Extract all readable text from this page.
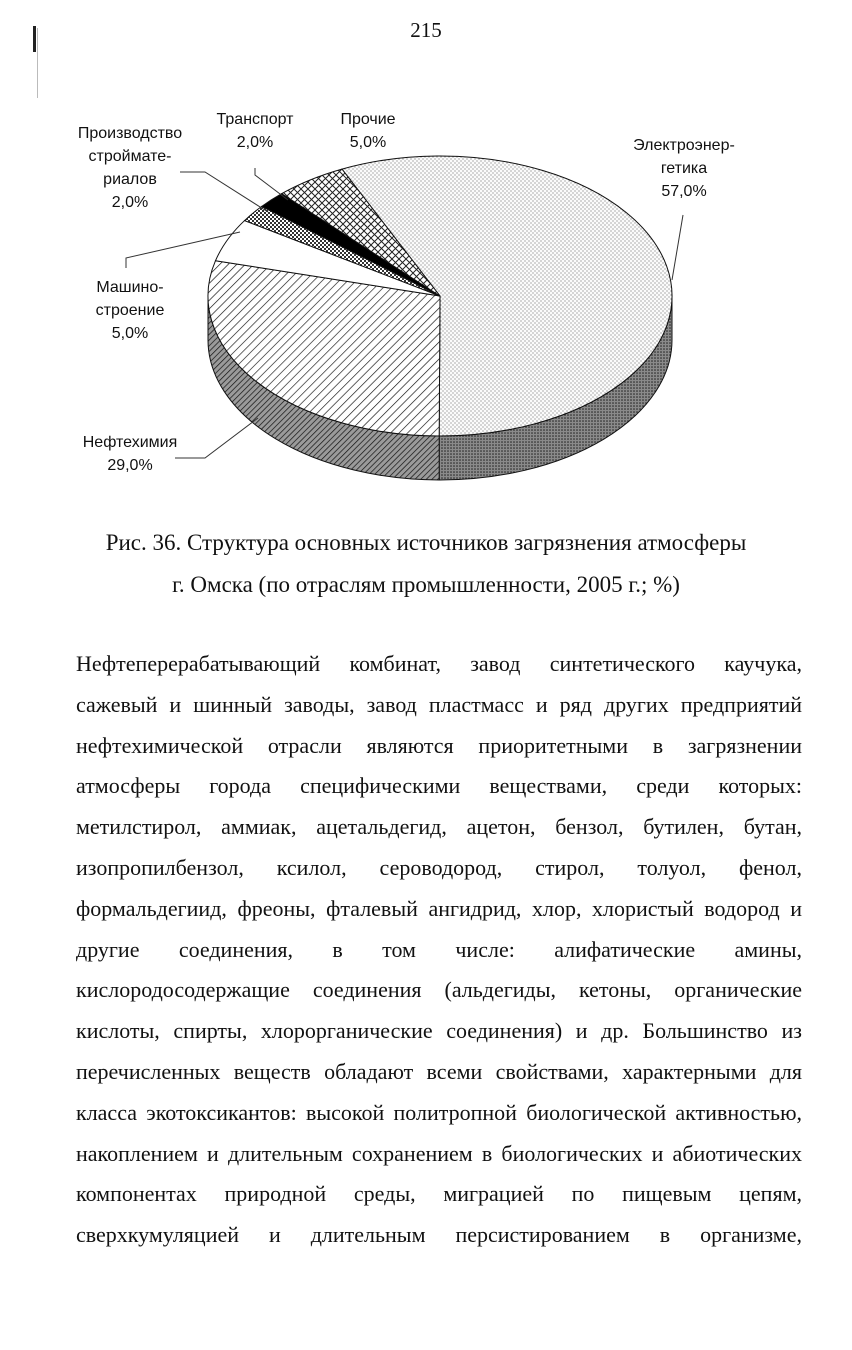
215
Электроэнер-гетика 57,0%
Нефтехимия 29,0%
Машино-строение 5,0%
Производство строймате-риалов 2,0%
Транспорт 2,0%
Прочие 5,0%
Рис. 36. Структура основных источников загрязнения атмосферы
г. Омска (по отраслям промышленности, 2005 г.; %)
Нефтеперерабатывающий комбинат, завод синтетического каучука,
сажевый и шинный заводы, завод пластмасс и ряд других предприятий
нефтехимической отрасли являются приоритетными в загрязнении
атмосферы города специфическими веществами, среди которых:
метилстирол, аммиак, ацетальдегид, ацетон, бензол, бутилен, бутан,
изопропилбензол, ксилол, сероводород, стирол, толуол, фенол,
формальдегиид, фреоны, фталевый ангидрид, хлор, хлористый водород и
другие соединения, в том числе: алифатические амины,
кислородосодержащие соединения (альдегиды, кетоны, органические
кислоты, спирты, хлорорганические соединения) и др. Большинство из
перечисленных веществ обладают всеми свойствами, характерными для
класса экотоксикантов: высокой политропной биологической активностью,
накоплением и длительным сохранением в биологических и абиотических
компонентах природной среды, миграцией по пищевым цепям,
сверхкумуляцией и длительным персистированием в организме,
